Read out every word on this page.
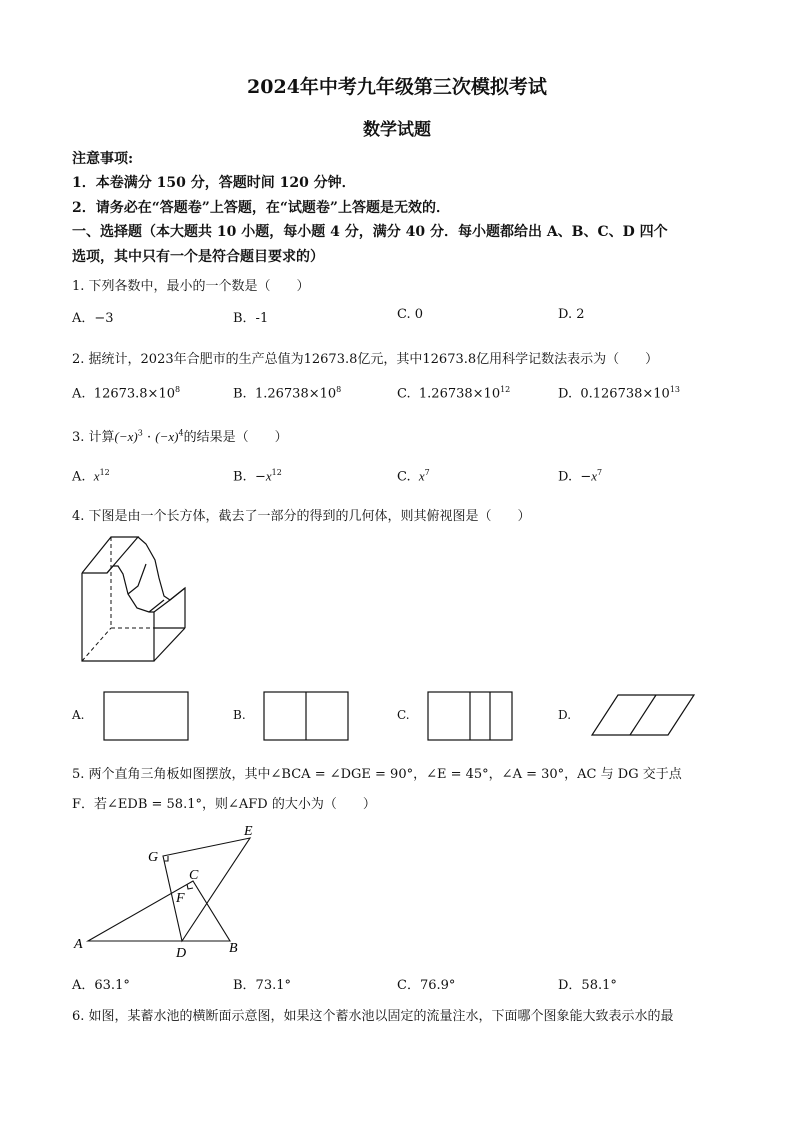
2024年中考九年级第三次模拟考试
数学试题
注意事项:
1．本卷满分 150 分，答题时间 120 分钟．
2．请务必在“答题卷”上答题，在“试题卷”上答题是无效的．
一、选择题（本大题共 10 小题，每小题 4 分，满分 40 分．每小题都给出 A、B、C、D 四个
选项，其中只有一个是符合题目要求的）
1. 下列各数中，最小的一个数是（　　）
A．−3	B．-1	C. 0	D. 2
2. 据统计，2023年合肥市的生产总值为12673.8亿元，其中12673.8亿用科学记数法表示为（　　）
A. $12673.8\times 10^8$	B. $1.26738\times 10^8$	C. $1.26738\times 10^{12}$	D. $0.126738\times 10^{13}$
3. 计算$(-x)^3 \cdot (-x)^4$的结果是（　　）
A. $x^{12}$	B. $-x^{12}$	C. $x^7$	D. $-x^7$
4. 下图是由一个长方体，截去了一部分的得到的几何体，则其俯视图是（　　）
A.	B.	C.	D.
5. 两个直角三角板如图摆放，其中∠BCA = ∠DGE = 90°，∠E = 45°，∠A = 30°，AC 与 DG 交于点
F．若∠EDB = 58.1°，则∠AFD 的大小为（　　）
E
G
C
F
A
D	B
A．63.1°	B．73.1°	C．76.9°	D．58.1°
6. 如图，某蓄水池的横断面示意图，如果这个蓄水池以固定的流量注水，下面哪个图象能大致表示水的最
